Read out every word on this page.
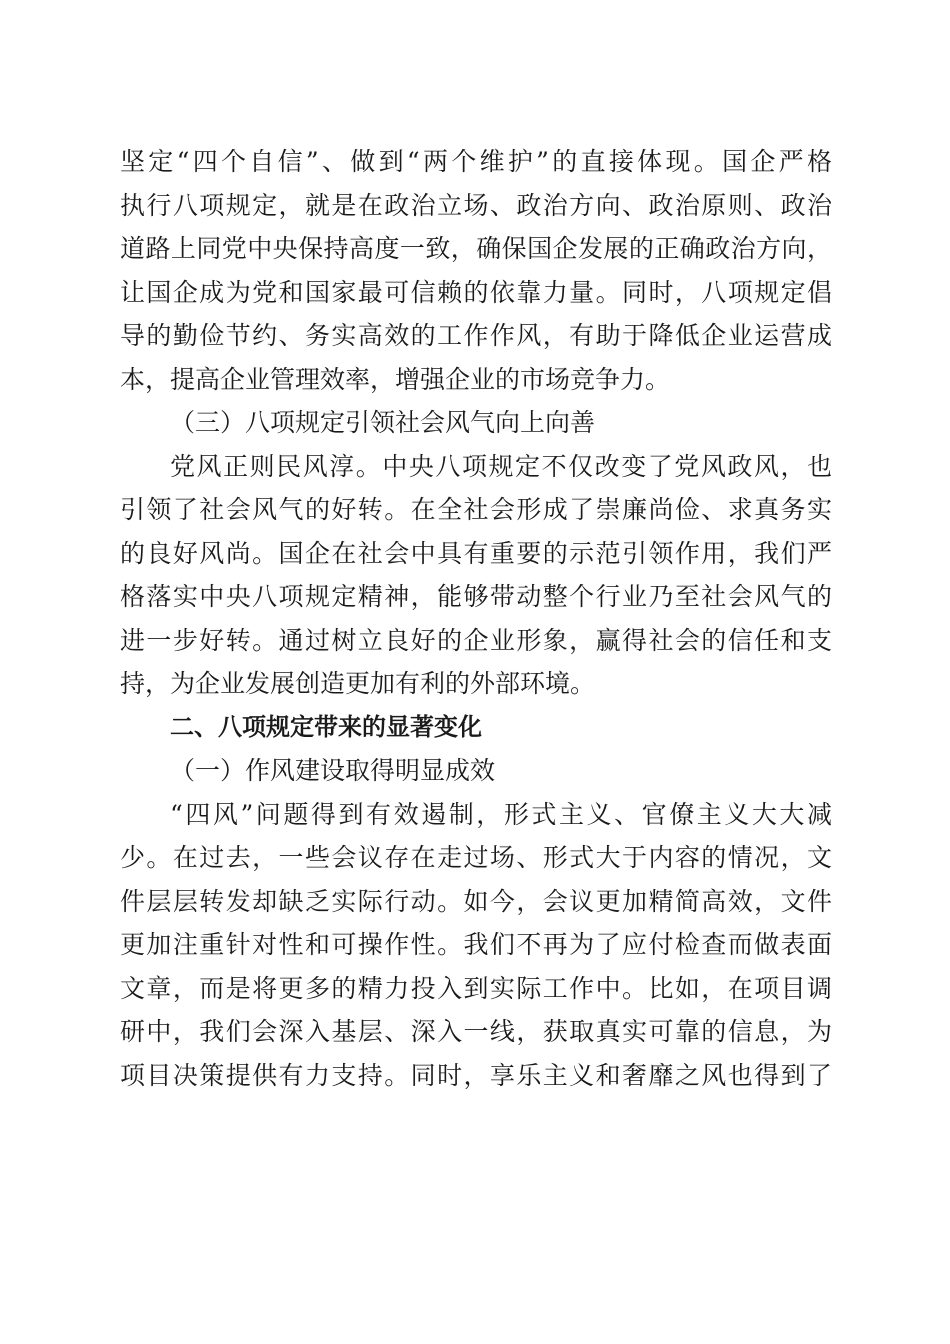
坚定“四个自信”、做到“两个维护”的直接体现。国企严格
执行八项规定，就是在政治立场、政治方向、政治原则、政治
道路上同党中央保持高度一致，确保国企发展的正确政治方向，
让国企成为党和国家最可信赖的依靠力量。同时，八项规定倡
导的勤俭节约、务实高效的工作作风，有助于降低企业运营成
本，提高企业管理效率，增强企业的市场竞争力。
（三）八项规定引领社会风气向上向善
党风正则民风淳。中央八项规定不仅改变了党风政风，也
引领了社会风气的好转。在全社会形成了崇廉尚俭、求真务实
的良好风尚。国企在社会中具有重要的示范引领作用，我们严
格落实中央八项规定精神，能够带动整个行业乃至社会风气的
进一步好转。通过树立良好的企业形象，赢得社会的信任和支
持，为企业发展创造更加有利的外部环境。
二、八项规定带来的显著变化
（一）作风建设取得明显成效
“四风”问题得到有效遏制，形式主义、官僚主义大大减
少。在过去，一些会议存在走过场、形式大于内容的情况，文
件层层转发却缺乏实际行动。如今，会议更加精简高效，文件
更加注重针对性和可操作性。我们不再为了应付检查而做表面
文章，而是将更多的精力投入到实际工作中。比如，在项目调
研中，我们会深入基层、深入一线，获取真实可靠的信息，为
项目决策提供有力支持。同时，享乐主义和奢靡之风也得到了
